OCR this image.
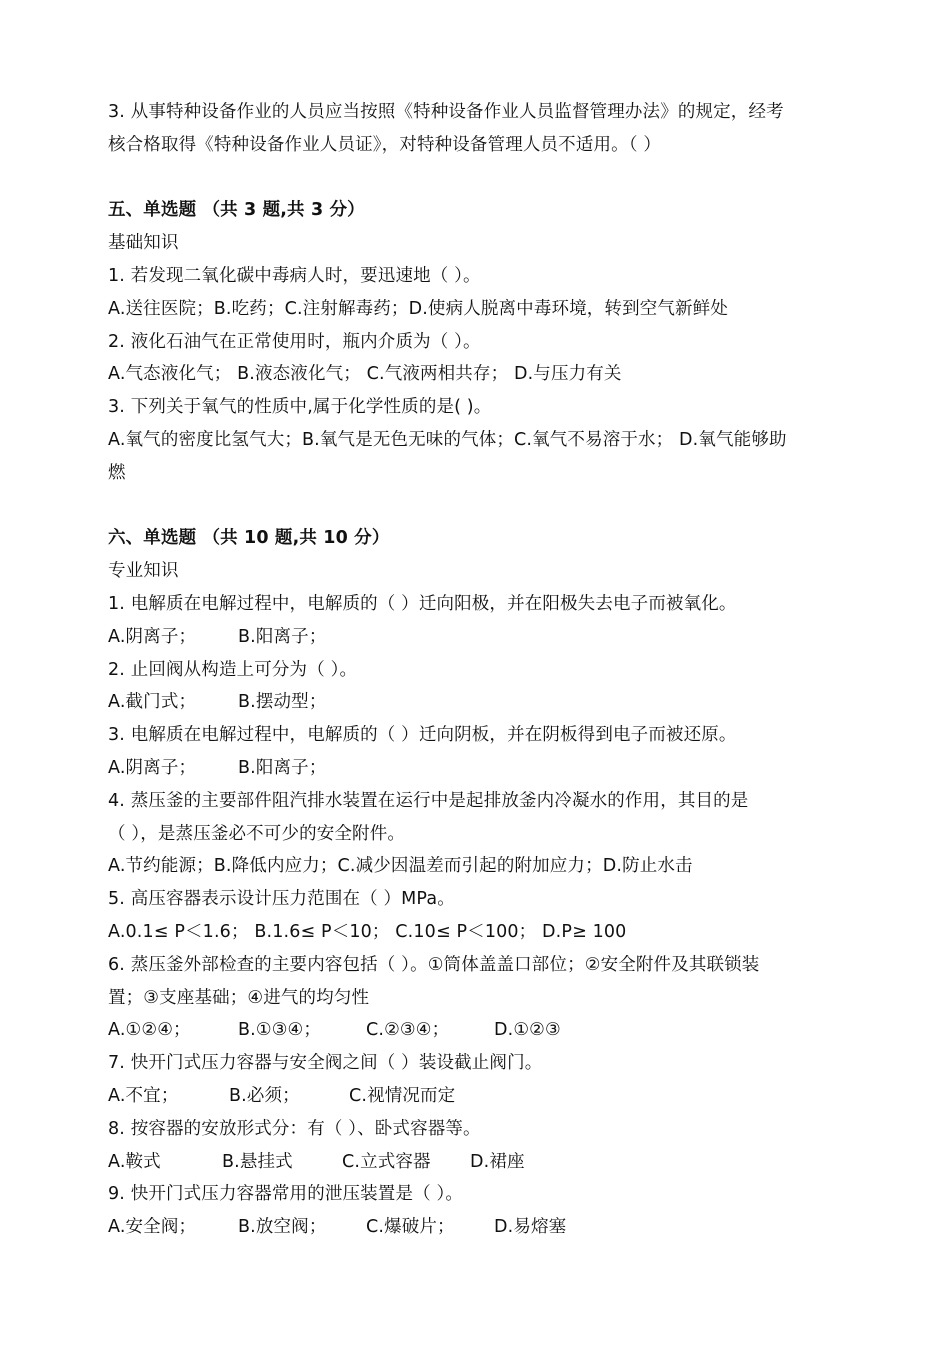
3. 从事特种设备作业的人员应当按照《特种设备作业人员监督管理办法》的规定，经考
核合格取得《特种设备作业人员证》，对特种设备管理人员不适用。（ ）
五、单选题 （共 3 题,共 3 分）
基础知识
1. 若发现二氧化碳中毒病人时，要迅速地（ ）。
A.送往医院；B.吃药；C.注射解毒药；D.使病人脱离中毒环境，转到空气新鲜处
2. 液化石油气在正常使用时，瓶内介质为（ ）。
A.气态液化气； B.液态液化气； C.气液两相共存； D.与压力有关
3. 下列关于氧气的性质中,属于化学性质的是( )。
A.氧气的密度比氢气大；B.氧气是无色无味的气体；C.氧气不易溶于水； D.氧气能够助
燃
六、单选题 （共 10 题,共 10 分）
专业知识
1. 电解质在电解过程中，电解质的（ ）迁向阳极，并在阳极失去电子而被氧化。
A.阴离子； B.阳离子；
2. 止回阀从构造上可分为（ ）。
A.截门式； B.摆动型；
3. 电解质在电解过程中，电解质的（ ）迁向阴板，并在阴板得到电子而被还原。
A.阴离子； B.阳离子；
4. 蒸压釜的主要部件阻汽排水装置在运行中是起排放釜内冷凝水的作用，其目的是
（ ），是蒸压釜必不可少的安全附件。
A.节约能源；B.降低内应力；C.减少因温差而引起的附加应力；D.防止水击
5. 高压容器表示设计压力范围在（ ）MPa。
A.0.1≤ P＜1.6； B.1.6≤ P＜10； C.10≤ P＜100； D.P≥ 100
6. 蒸压釜外部检查的主要内容包括（ ）。①筒体盖盖口部位；②安全附件及其联锁装
置；③支座基础；④进气的均匀性
A.①②④；	B.①③④；	C.②③④；	D.①②③
7. 快开门式压力容器与安全阀之间（ ）装设截止阀门。
A.不宜；	B.必须；	C.视情况而定
8. 按容器的安放形式分：有（ ）、卧式容器等。
A.鞍式	B.悬挂式	C.立式容器 D.裙座
9. 快开门式压力容器常用的泄压装置是（ ）。
A.安全阀； B.放空阀； C.爆破片； D.易熔塞
